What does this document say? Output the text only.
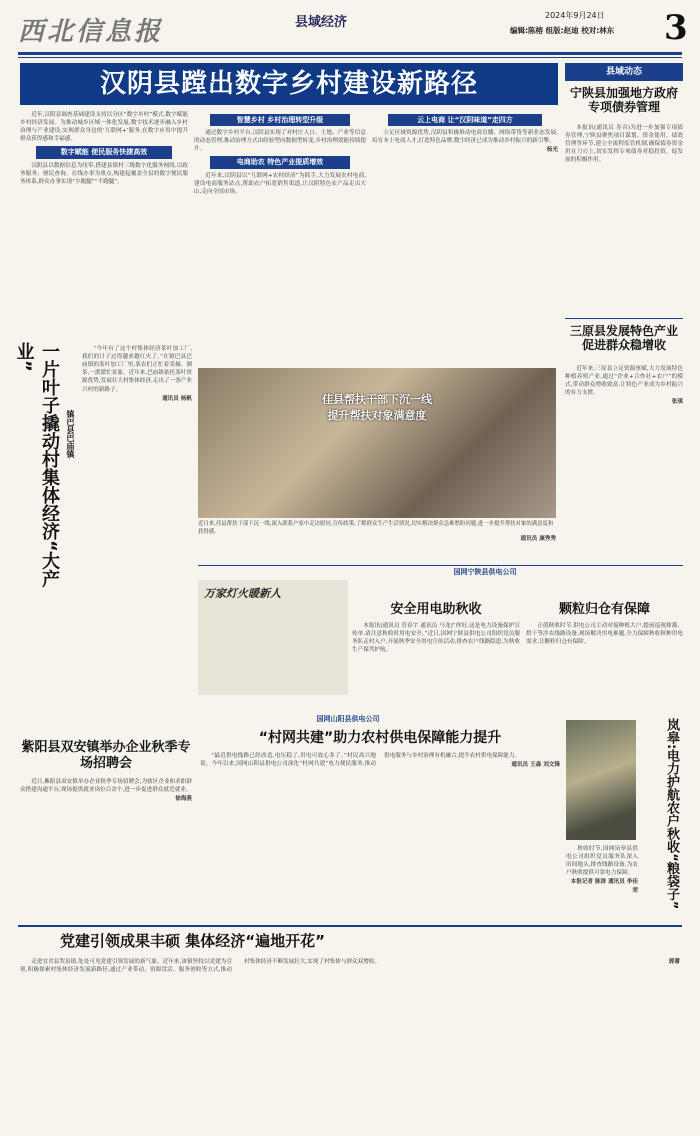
西北信息报	县域经济	2024年9月24日
编辑:陈榕 组版:赵迪 校对:林东 3
汉阴县蹚出数字乡村建设新路径

近年,汉阴县调查基础建设支持以分区“数字乡村”模式,数字赋能乡村经济发展。为推动城乡区域一体化发展,数字技术逐步融入乡村治理与产业建设,实现群众身边的‘互联网+’服务,在数字应用中提升群众获得感和幸福感。

数字赋能 便民服务快捷高效

汉阴县以数据信息为纽带,搭建县镇村三级数字化服务网络,以政务服务、便民查询、在线办事为重点,构建起覆盖全县的数字便民服务体系,群众办事实现“少跑腿”“不跑腿”。

智慧乡村 乡村治理转型升级

通过数字乡村平台,汉阴县实现了对村庄人口、土地、产业等信息的动态管理,推动治理方式由经验型向数据型转变,乡村治理效能持续提升。

电商助农 特色产业提质增效

近年来,汉阴县以“互联网+农村经济”为抓手,大力发展农村电商,建设电商服务站点,帮助农户拓宽销售渠道,让汉阴特色农产品走出大山,走向全国市场。

云上电商 让“汉阴味道”走四方

立足区域资源优势,汉阴县积极推动电商直播、网络带货等新业态发展,培育本土电商人才,打造特色品牌,数字经济已成为推动乡村振兴的新引擎。

杨光
县域动态
宁陕县加强地方政府专项债券管理

本报讯(通讯员 寿音)为进一步加强专项债券管理,宁陕县聚焦项目谋划、资金使用、绩效管理等环节,建立全流程监管机制,确保债券资金用在刀刃上,切实发挥专项债券对稳投资、促发展的积极作用。

三原县发展特色产业促进群众稳增收

近年来,三原县立足资源禀赋,大力发展特色种植养殖产业,通过“企业+合作社+农户”的模式,带动群众增收致富,让特色产业成为乡村振兴的有力支撑。

张琪
一片叶子撬动村集体经济“大产业”
镇巴县巴庙镇

“今年有了这个村集体经济茶叶加工厂,我们的日子过得越来越红火了。”在镇巴县巴庙镇的茶叶加工厂里,茶农们正忙着采摘、制茶,一派繁忙景象。近年来,巴庙镇依托茶叶资源优势,发展壮大村集体经济,走出了一条产业兴村的新路子。

通讯员 杨帆	佳县帮扶干部下沉一线
提升帮扶对象满意度
近日来,佳县帮扶干部下沉一线,深入联系户家中走访慰问,宣传政策,了解群众生产生活情况,切实解决群众急难愁盼问题,进一步提升帮扶对象的满意度和获得感。
通讯员 康秀秀
国网宁陕县供电公司
万家灯火暖新人
安全用电助秋收	颗粒归仓有保障

本报讯(通讯员 管春宇 通讯员 马龙)“你好,这是电力设施保护宣传单,请注意秋收时用电安全。”近日,国网宁陕县供电公司组织党员服务队走村入户,开展秋季安全用电宣传活动,排查农户线路隐患,为秋收生产保驾护航。

正值秋收时节,供电公司主动对接种植大户,提前巡视排灌、烘干等涉农线路设备,现场解决用电难题,全力保障秋收秋种用电需求,让颗粒归仓有保障。

国网山阳县供电公司
“村网共建”助力农村供电保障能力提升

“最近供电线路已经改造,电压稳了,用电可放心多了。”村民高兴地说。今年以来,国网山阳县供电公司深化“村网共建”电力便民服务,推动供电服务与乡村治理有机融合,提升农村供电保障能力。

通讯员 王森 刘文锋	岚皋:电力护航农户秋收“粮袋子”

秋收时节,国网岚皋县供电公司组织党员服务队深入田间地头,排查线路设备,为农户秋收提供可靠电力保障。

本报记者 陈涛 通讯员 李佳荣
紫阳县双安镇举办企业秋季专场招聘会

近日,紫阳县双安镇举办企业秋季专场招聘会,为辖区企业和求职群众搭建沟通平台,现场提供就业岗位百余个,进一步促进群众就近就业。

徐海燕
党建引领成果丰硕 集体经济“遍地开花”

走进宜君县哭泉镇,处处可见党建引领发展的新气象。近年来,该镇坚持以党建为引领,积极探索村集体经济发展新路径,通过产业带动、资源盘活、服务创收等方式,推动村集体经济不断发展壮大,实现了村集体与群众双增收。	郭蕾
